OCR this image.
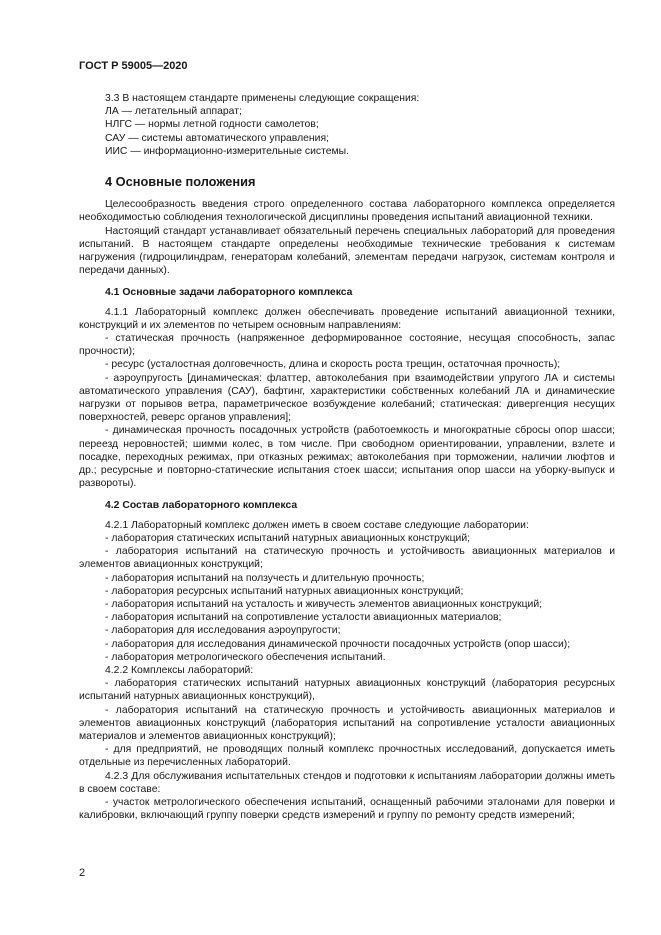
ГОСТ Р 59005—2020

3.3 В настоящем стандарте применены следующие сокращения:

ЛА — летательный аппарат;

НЛГС — нормы летной годности самолетов;

САУ — системы автоматического управления;

ИИС — информационно-измерительные системы.

4 Основные положения

Целесообразность введения строго определенного состава лабораторного комплекса определяется необходимостью соблюдения технологической дисциплины проведения испытаний авиационной техники.

Настоящий стандарт устанавливает обязательный перечень специальных лабораторий для проведения испытаний. В настоящем стандарте определены необходимые технические требования к системам нагружения (гидроцилиндрам, генераторам колебаний, элементам передачи нагрузок, системам контроля и передачи данных).

4.1 Основные задачи лабораторного комплекса

4.1.1 Лабораторный комплекс должен обеспечивать проведение испытаний авиационной техники, конструкций и их элементов по четырем основным направлениям:

- статическая прочность (напряженное деформированное состояние, несущая способность, запас прочности);

- ресурс (усталостная долговечность, длина и скорость роста трещин, остаточная прочность);

- аэроупругость [динамическая: флаттер, автоколебания при взаимодействии упругого ЛА и системы автоматического управления (САУ), бафтинг, характеристики собственных колебаний ЛА и динамические нагрузки от порывов ветра, параметрическое возбуждение колебаний; статическая: дивергенция несущих поверхностей, реверс органов управления];

- динамическая прочность посадочных устройств (работоемкость и многократные сбросы опор шасси; переезд неровностей; шимми колес, в том числе. При свободном ориентировании, управлении, взлете и посадке, переходных режимах, при отказных режимах; автоколебания при торможении, наличии люфтов и др.; ресурсные и повторно-статические испытания стоек шасси; испытания опор шасси на уборку-выпуск и развороты).

4.2 Состав лабораторного комплекса

4.2.1 Лабораторный комплекс должен иметь в своем составе следующие лаборатории:

- лаборатория статических испытаний натурных авиационных конструкций;

- лаборатория испытаний на статическую прочность и устойчивость авиационных материалов и элементов авиационных конструкций;

- лаборатория испытаний на ползучесть и длительную прочность;

- лаборатория ресурсных испытаний натурных авиационных конструкций;

- лаборатория испытаний на усталость и живучесть элементов авиационных конструкций;

- лаборатория испытаний на сопротивление усталости авиационных материалов;

- лаборатория для исследования аэроупругости;

- лаборатория для исследования динамической прочности посадочных устройств (опор шасси);

- лаборатория метрологического обеспечения испытаний.

4.2.2 Комплексы лабораторий:

- лаборатория статических испытаний натурных авиационных конструкций (лаборатория ресурсных испытаний натурных авиационных конструкций),

- лаборатория испытаний на статическую прочность и устойчивость авиационных материалов и элементов авиационных конструкций (лаборатория испытаний на сопротивление усталости авиационных материалов и элементов авиационных конструкций);

- для предприятий, не проводящих полный комплекс прочностных исследований, допускается иметь отдельные из перечисленных лабораторий.

4.2.3 Для обслуживания испытательных стендов и подготовки к испытаниям лаборатории должны иметь в своем составе:

- участок метрологического обеспечения испытаний, оснащенный рабочими эталонами для поверки и калибровки, включающий группу поверки средств измерений и группу по ремонту средств измерений;

2
